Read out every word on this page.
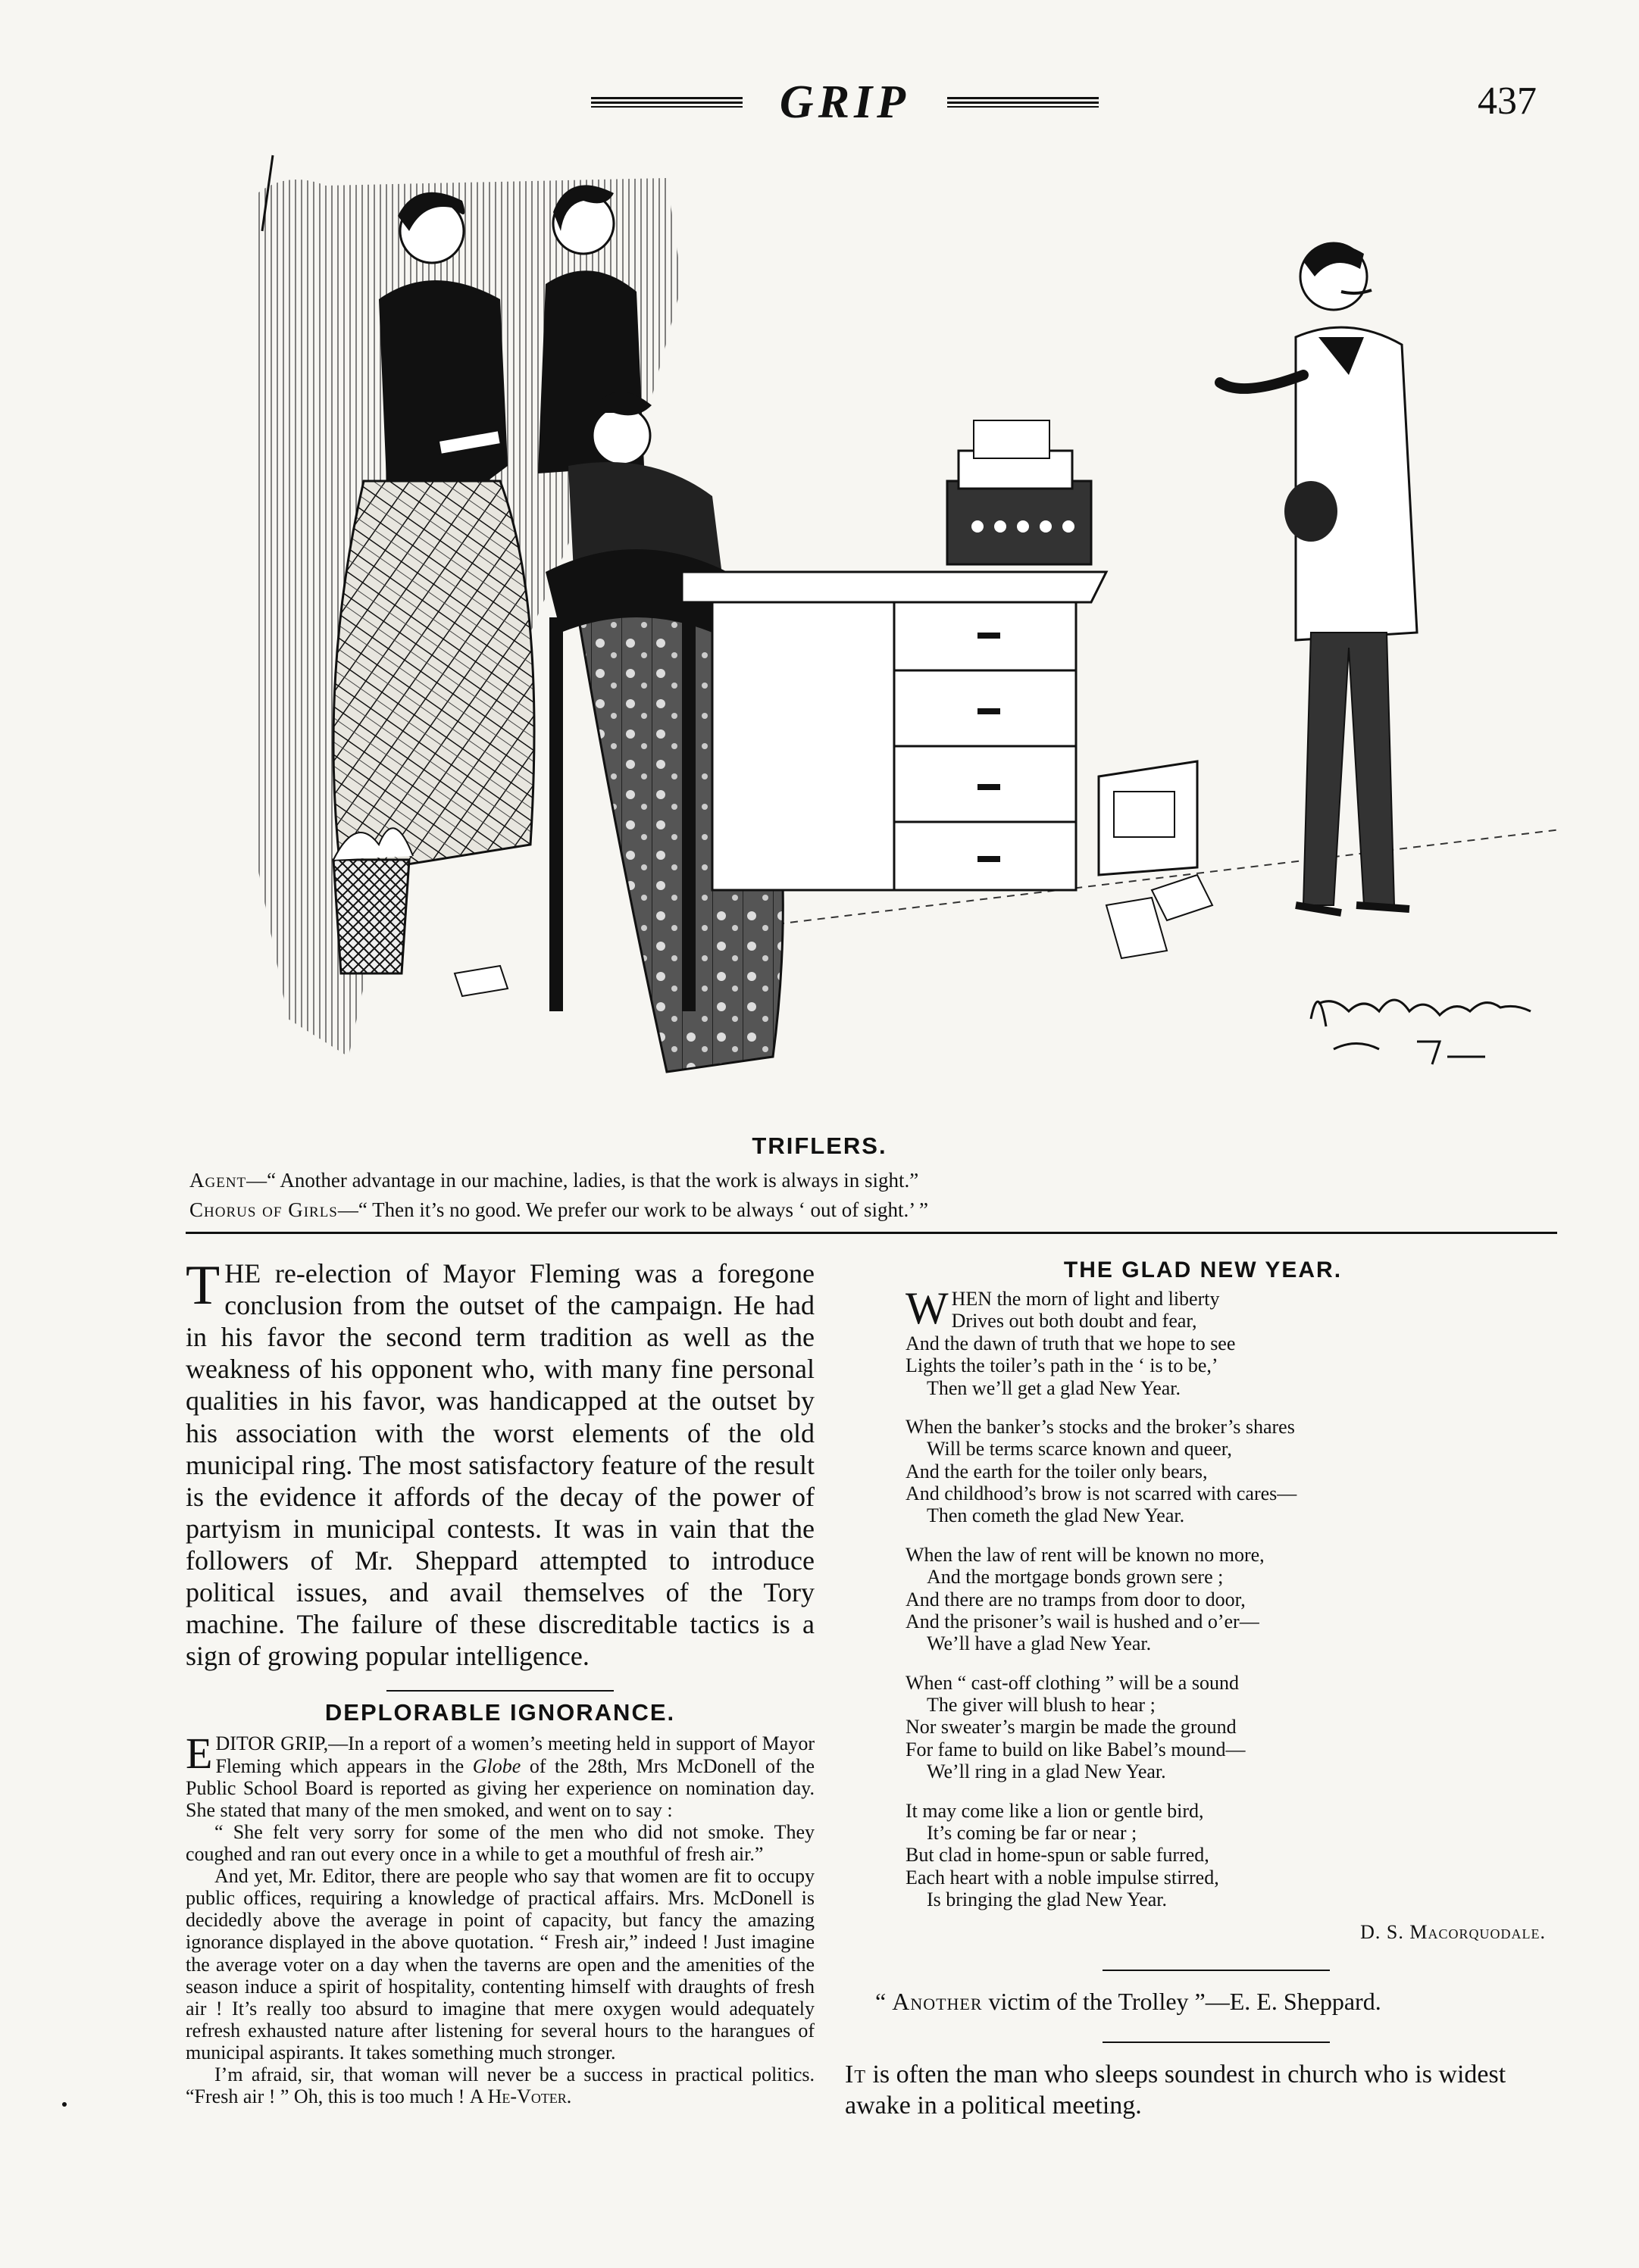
GRIP	437
TRIFLERS.
Agent—“ Another advantage in our machine, ladies, is that the work is always in sight.”
Chorus of Girls—“ Then it’s no good. We prefer our work to be always ‘ out of sight.’ ”

THE re-election of Mayor Fleming was a foregone conclusion from the outset of the campaign. He had in his favor the second term tradition as well as the weakness of his opponent who, with many fine personal qualities in his favor, was handicapped at the outset by his association with the worst elements of the old municipal ring. The most satisfactory feature of the result is the evidence it affords of the decay of the power of partyism in municipal contests. It was in vain that the followers of Mr. Sheppard attempted to introduce political issues, and avail themselves of the Tory machine. The failure of these discreditable tactics is a sign of growing popular intelligence.

DEPLORABLE IGNORANCE.

EDITOR GRIP,—In a report of a women’s meeting held in support of Mayor Fleming which appears in the Globe of the 28th, Mrs McDonell of the Public School Board is reported as giving her experience on nomination day. She stated that many of the men smoked, and went on to say :

“ She felt very sorry for some of the men who did not smoke. They coughed and ran out every once in a while to get a mouthful of fresh air.”

And yet, Mr. Editor, there are people who say that women are fit to occupy public offices, requiring a knowledge of practical affairs. Mrs. McDonell is decidedly above the average in point of capacity, but fancy the amazing ignorance displayed in the above quotation. “ Fresh air,” indeed ! Just imagine the average voter on a day when the taverns are open and the amenities of the season induce a spirit of hospitality, contenting himself with draughts of fresh air ! It’s really too absurd to imagine that mere oxygen would adequately refresh exhausted nature after listening for several hours to the harangues of municipal aspirants. It takes something much stronger.

I’m afraid, sir, that woman will never be a success in practical politics. “Fresh air ! ” Oh, this is too much ! A He-Voter.

THE GLAD NEW YEAR.
WHEN the morn of light and liberty
Drives out both doubt and fear,
And the dawn of truth that we hope to see
Lights the toiler’s path in the ‘ is to be,’
Then we’ll get a glad New Year.
When the banker’s stocks and the broker’s shares
Will be terms scarce known and queer,
And the earth for the toiler only bears,
And childhood’s brow is not scarred with cares—
Then cometh the glad New Year.
When the law of rent will be known no more,
And the mortgage bonds grown sere ;
And there are no tramps from door to door,
And the prisoner’s wail is hushed and o’er—
We’ll have a glad New Year.
When “ cast-off clothing ” will be a sound
The giver will blush to hear ;
Nor sweater’s margin be made the ground
For fame to build on like Babel’s mound—
We’ll ring in a glad New Year.
It may come like a lion or gentle bird,
It’s coming be far or near ;
But clad in home-spun or sable furred,
Each heart with a noble impulse stirred,
Is bringing the glad New Year.
D. S. Macorquodale.
“ Another victim of the Trolley ”—E. E. Sheppard.
It is often the man who sleeps soundest in church who is widest awake in a political meeting.
